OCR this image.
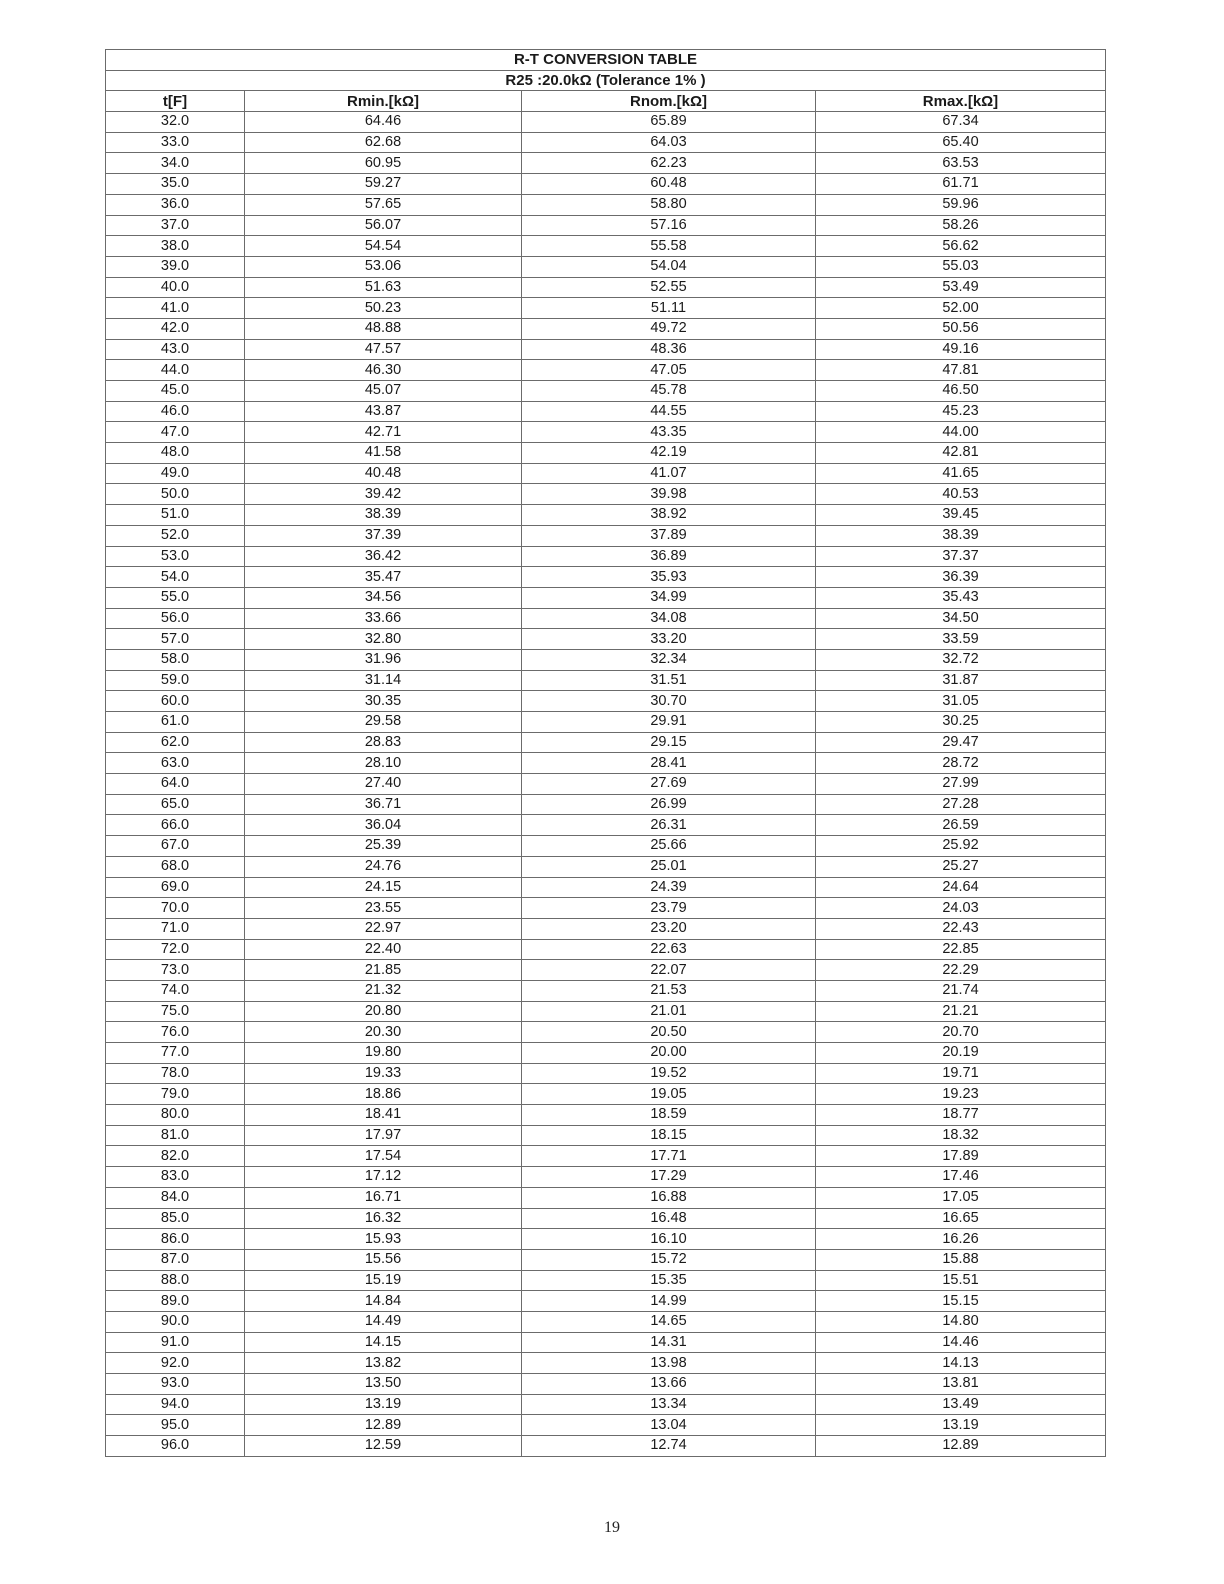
R-T CONVERSION TABLE			
R25 :20.0kΩ (Tolerance 1% )			
t[F]	Rmin.[kΩ]	Rnom.[kΩ]	Rmax.[kΩ]
32.0	64.46	65.89	67.34
33.0	62.68	64.03	65.40
34.0	60.95	62.23	63.53
35.0	59.27	60.48	61.71
36.0	57.65	58.80	59.96
37.0	56.07	57.16	58.26
38.0	54.54	55.58	56.62
39.0	53.06	54.04	55.03
40.0	51.63	52.55	53.49
41.0	50.23	51.11	52.00
42.0	48.88	49.72	50.56
43.0	47.57	48.36	49.16
44.0	46.30	47.05	47.81
45.0	45.07	45.78	46.50
46.0	43.87	44.55	45.23
47.0	42.71	43.35	44.00
48.0	41.58	42.19	42.81
49.0	40.48	41.07	41.65
50.0	39.42	39.98	40.53
51.0	38.39	38.92	39.45
52.0	37.39	37.89	38.39
53.0	36.42	36.89	37.37
54.0	35.47	35.93	36.39
55.0	34.56	34.99	35.43
56.0	33.66	34.08	34.50
57.0	32.80	33.20	33.59
58.0	31.96	32.34	32.72
59.0	31.14	31.51	31.87
60.0	30.35	30.70	31.05
61.0	29.58	29.91	30.25
62.0	28.83	29.15	29.47
63.0	28.10	28.41	28.72
64.0	27.40	27.69	27.99
65.0	36.71	26.99	27.28
66.0	36.04	26.31	26.59
67.0	25.39	25.66	25.92
68.0	24.76	25.01	25.27
69.0	24.15	24.39	24.64
70.0	23.55	23.79	24.03
71.0	22.97	23.20	22.43
72.0	22.40	22.63	22.85
73.0	21.85	22.07	22.29
74.0	21.32	21.53	21.74
75.0	20.80	21.01	21.21
76.0	20.30	20.50	20.70
77.0	19.80	20.00	20.19
78.0	19.33	19.52	19.71
79.0	18.86	19.05	19.23
80.0	18.41	18.59	18.77
81.0	17.97	18.15	18.32
82.0	17.54	17.71	17.89
83.0	17.12	17.29	17.46
84.0	16.71	16.88	17.05
85.0	16.32	16.48	16.65
86.0	15.93	16.10	16.26
87.0	15.56	15.72	15.88
88.0	15.19	15.35	15.51
89.0	14.84	14.99	15.15
90.0	14.49	14.65	14.80
91.0	14.15	14.31	14.46
92.0	13.82	13.98	14.13
93.0	13.50	13.66	13.81
94.0	13.19	13.34	13.49
95.0	12.89	13.04	13.19
96.0	12.59	12.74	12.89
19
